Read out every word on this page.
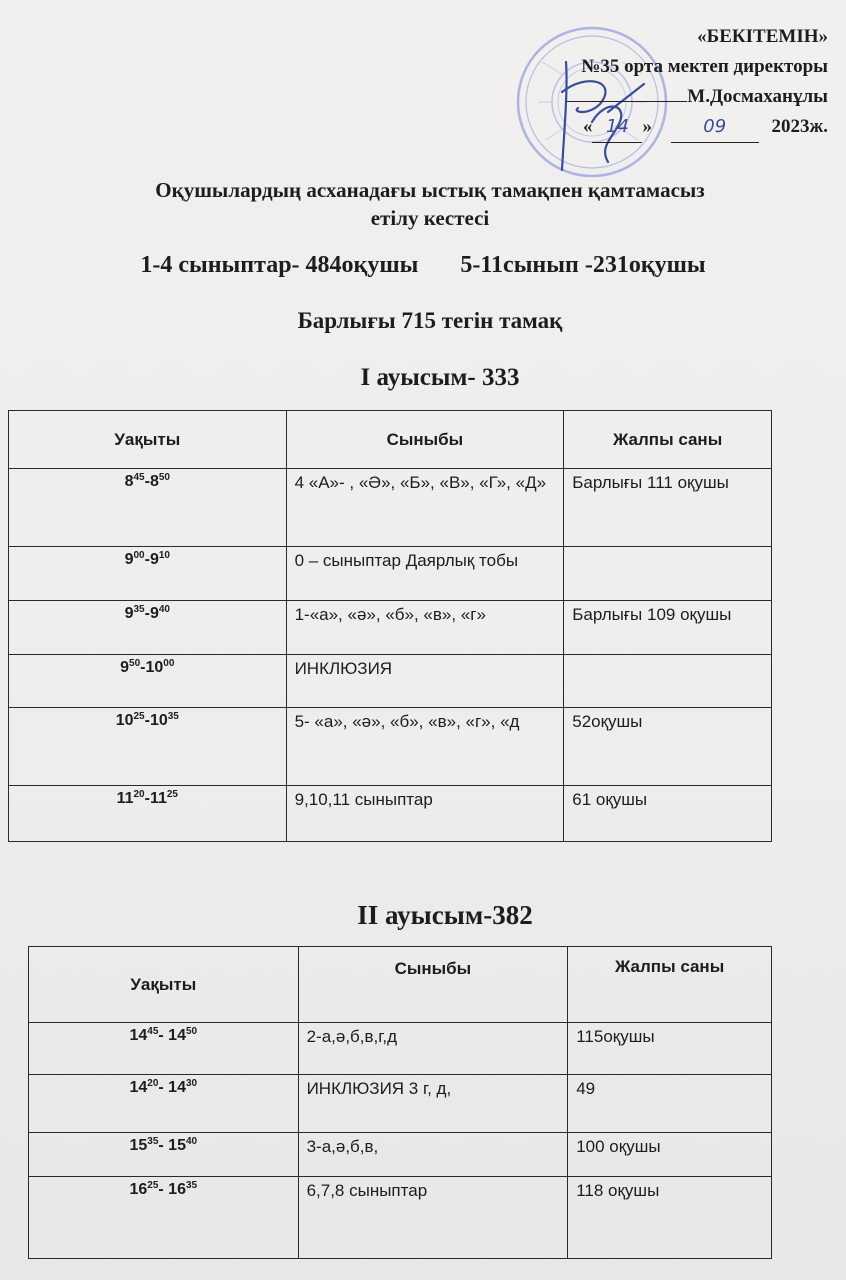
«БЕКІТЕМІН»
№35 орта мектеп директоры
М.Досмаханұлы
« 14 »	09 2023ж.
Оқушылардың асханадағы ыстық тамақпен қамтамасыз
етілу кестесі
1-4 сыныптар- 484оқушы 5-11сынып -231оқушы
Барлығы 715 тегін тамақ
І ауысым- 333
Уақыты	Сыныбы	Жалпы саны
$8^{45}-8^{50}$	4 «А»- , «Ә», «Б», «В», «Г», «Д»	Барлығы 111 оқушы
$9^{00}-9^{10}$	0 – сыныптар Даярлық тобы	
$9^{35}-9^{40}$	1-«а», «ә», «б», «в», «г»	Барлығы 109 оқушы
$9^{50}-10^{00}$	ИНКЛЮЗИЯ	
$10^{25}-10^{35}$	5- «а», «ә», «б», «в», «г», «д	52оқушы
$11^{20}-11^{25}$	9,10,11 сыныптар	61 оқушы
ІІ ауысым-382
Уақыты	Сыныбы	Жалпы саны
$14^{45}-$ $14^{50}$	2-а,ә,б,в,г,д	115оқушы
$14^{20}-$ $14^{30}$	ИНКЛЮЗИЯ 3 г, д,	49
$15^{35}-$ $15^{40}$	3-а,ә,б,в,	100 оқушы
$16^{25}-$ $16^{35}$	6,7,8 сыныптар	118 оқушы
